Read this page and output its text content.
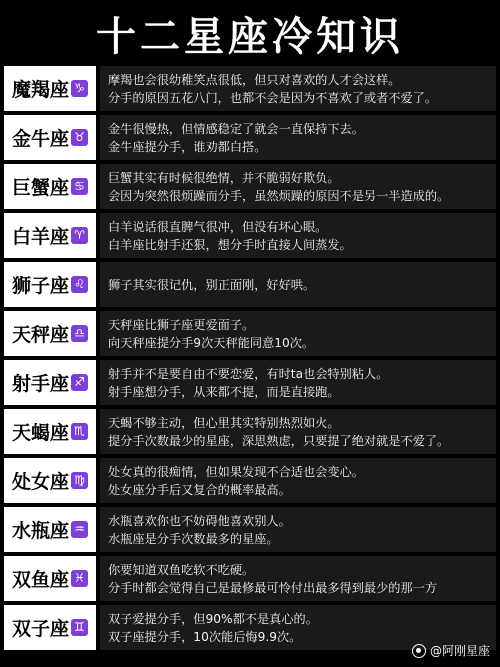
十二星座冷知识
魔羯座 ♑
摩羯也会很幼稚笑点很低，但只对喜欢的人才会这样。
分手的原因五花八门，也都不会是因为不喜欢了或者不爱了。
金牛座 ♉
金牛很慢热，但情感稳定了就会一直保持下去。
金牛座提分手，谁劝都白搭。
巨蟹座 ♋
巨蟹其实有时候很绝情，并不脆弱好欺负。
会因为突然很烦躁而分手，虽然烦躁的原因不是另一半造成的。
白羊座 ♈
白羊说话很直脾气很冲，但没有坏心眼。
白羊座比射手还狠，想分手时直接人间蒸发。
狮子座 ♌ 狮子其实很记仇，别正面刚，好好哄。
天秤座 ♎
天秤座比狮子座更爱面子。
向天秤座提分手9次天秤能同意10次。
射手座 ♐
射手并不是要自由不要恋爱，有时ta也会特别粘人。
射手座想分手，从来都不提，而是直接跑。
天蝎座 ♏
天蝎不够主动，但心里其实特别热烈如火。
提分手次数最少的星座，深思熟虑，只要提了绝对就是不爱了。
处女座 ♍
处女真的很痴情，但如果发现不合适也会变心。
处女座分手后又复合的概率最高。
水瓶座 ♒
水瓶喜欢你也不妨碍他喜欢别人。
水瓶座是分手次数最多的星座。
双鱼座 ♓
你要知道双鱼吃软不吃硬。
分手时都会觉得自己是最修最可怜付出最多得到最少的那一方
双子座 ♊
双子爱提分手，但90%都不是真心的。
双子座提分手，10次能后悔9.9次。
@阿刚星座
